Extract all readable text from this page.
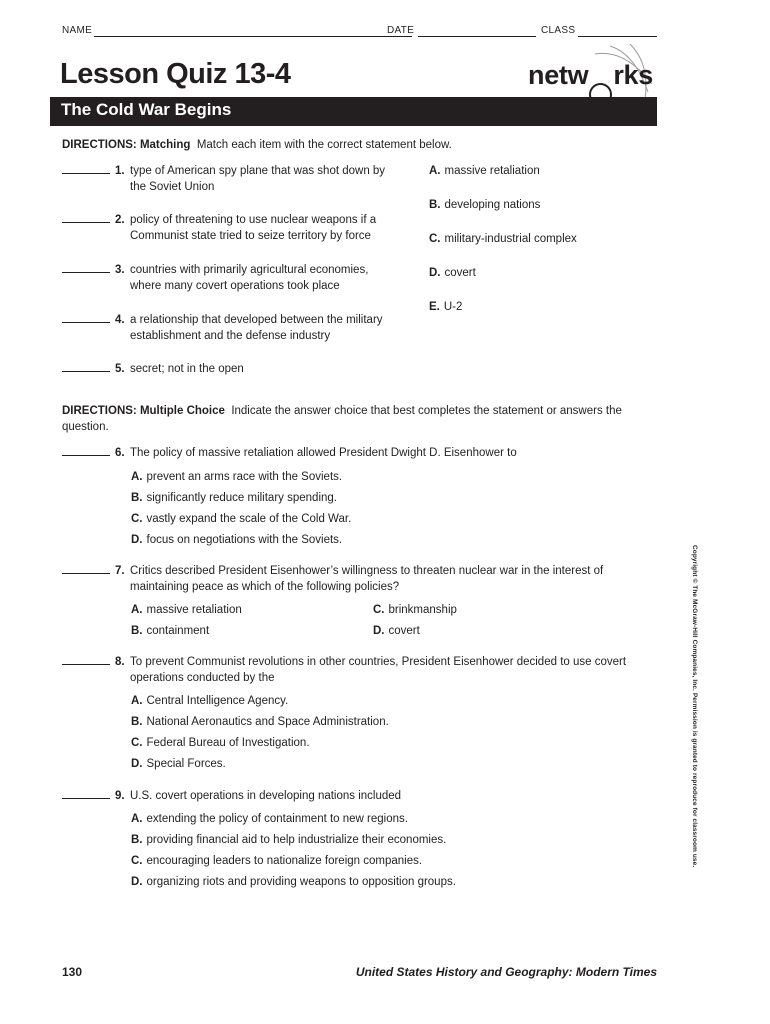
NAME	DATE	CLASS
Lesson Quiz 13-4	netw rks
The Cold War Begins
DIRECTIONS: Matching Match each item with the correct statement below.
1. type of American spy plane that was shot down by the Soviet Union
2. policy of threatening to use nuclear weapons if a Communist state tried to seize territory by force
3. countries with primarily agricultural economies, where many covert operations took place
4. a relationship that developed between the military establishment and the defense industry
5. secret; not in the open
A. massive retaliation
B. developing nations
C. military-industrial complex
D. covert
E. U-2
DIRECTIONS: Multiple Choice Indicate the answer choice that best completes the statement or answers the question.
6. The policy of massive retaliation allowed President Dwight D. Eisenhower to
A. prevent an arms race with the Soviets.
B. significantly reduce military spending.
C. vastly expand the scale of the Cold War.
D. focus on negotiations with the Soviets.
7. Critics described President Eisenhower’s willingness to threaten nuclear war in the interest of maintaining peace as which of the following policies?
A. massive retaliation	C. brinkmanship
B. containment	D. covert
8. To prevent Communist revolutions in other countries, President Eisenhower decided to use covert operations conducted by the
A. Central Intelligence Agency.
B. National Aeronautics and Space Administration.
C. Federal Bureau of Investigation.
D. Special Forces.
9. U.S. covert operations in developing nations included
A. extending the policy of containment to new regions.
B. providing financial aid to help industrialize their economies.
C. encouraging leaders to nationalize foreign companies.
D. organizing riots and providing weapons to opposition groups.
Copyright © The McGraw-Hill Companies, Inc. Permission is granted to reproduce for classroom use.
130	United States History and Geography: Modern Times
